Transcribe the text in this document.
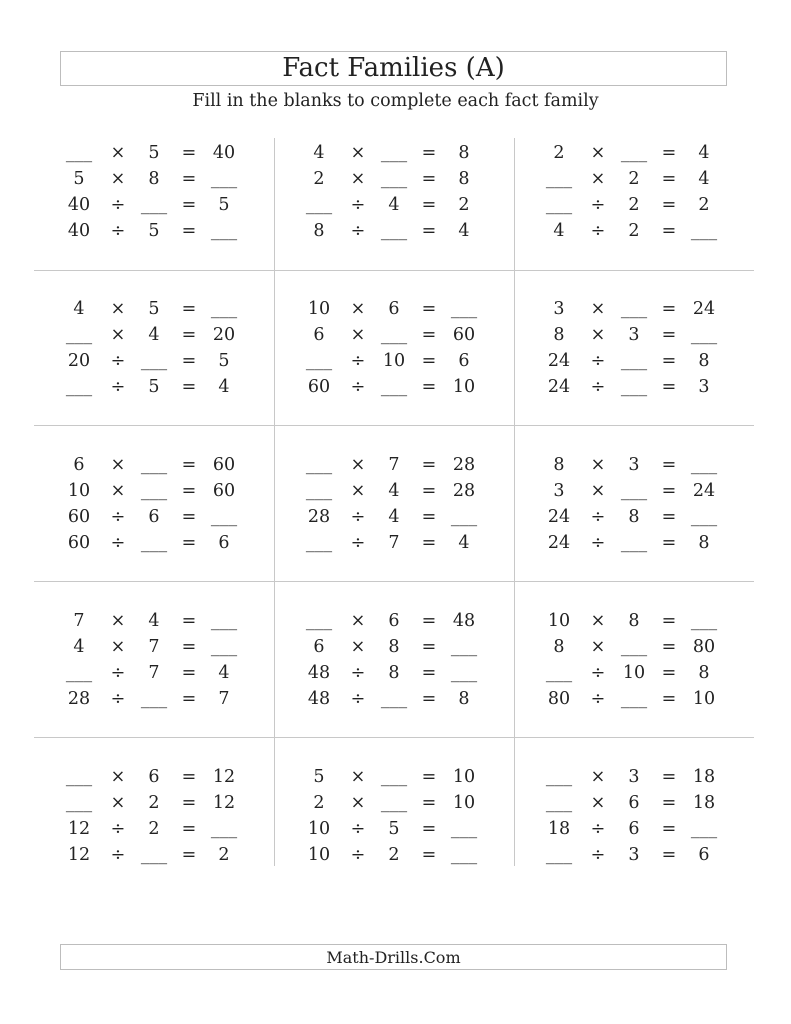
Fact Families (A)
Fill in the blanks to complete each fact family
___	×	5	= 40
5	×	8	= ___
40	÷ ___ =	5
40	÷	5	= ___
4	× ___ =	8
2	× ___ =	8
___	÷	4	=	2
8	÷ ___ =	4
2	× ___ =	4
___	×	2	=	4
___	÷	2	=	2
4	÷	2	= ___
4	×	5	= ___
___	×	4	= 20
20	÷ ___ =	5
___	÷	5	=	4
10	×	6	= ___
6	× ___ = 60
___	÷	10 =	6
60	÷ ___ = 10
3	× ___ = 24
8	×	3	= ___
24	÷ ___ =	8
24	÷ ___ =	3
6	× ___ = 60
10	× ___ = 60
60	÷	6	= ___
60	÷ ___ =	6
___	×	7	= 28
___	×	4	= 28
28	÷	4	= ___
___	÷	7	=	4
8	×	3	= ___
3	× ___ = 24
24	÷	8	= ___
24	÷ ___ =	8
7	×	4	= ___
4	×	7	= ___
___	÷	7	=	4
28	÷ ___ =	7
___	×	6	= 48
6	×	8	= ___
48	÷	8	= ___
48	÷ ___ =	8
10	×	8	= ___
8	× ___ = 80
___	÷	10 =	8
80	÷ ___ = 10
___	×	6	= 12
___	×	2	= 12
12	÷	2	= ___
12	÷ ___ =	2
5	× ___ = 10
2	× ___ = 10
10	÷	5	= ___
10	÷	2	= ___
___	×	3	= 18
___	×	6	= 18
18	÷	6	= ___
___	÷	3	=	6
Math-Drills.Com
